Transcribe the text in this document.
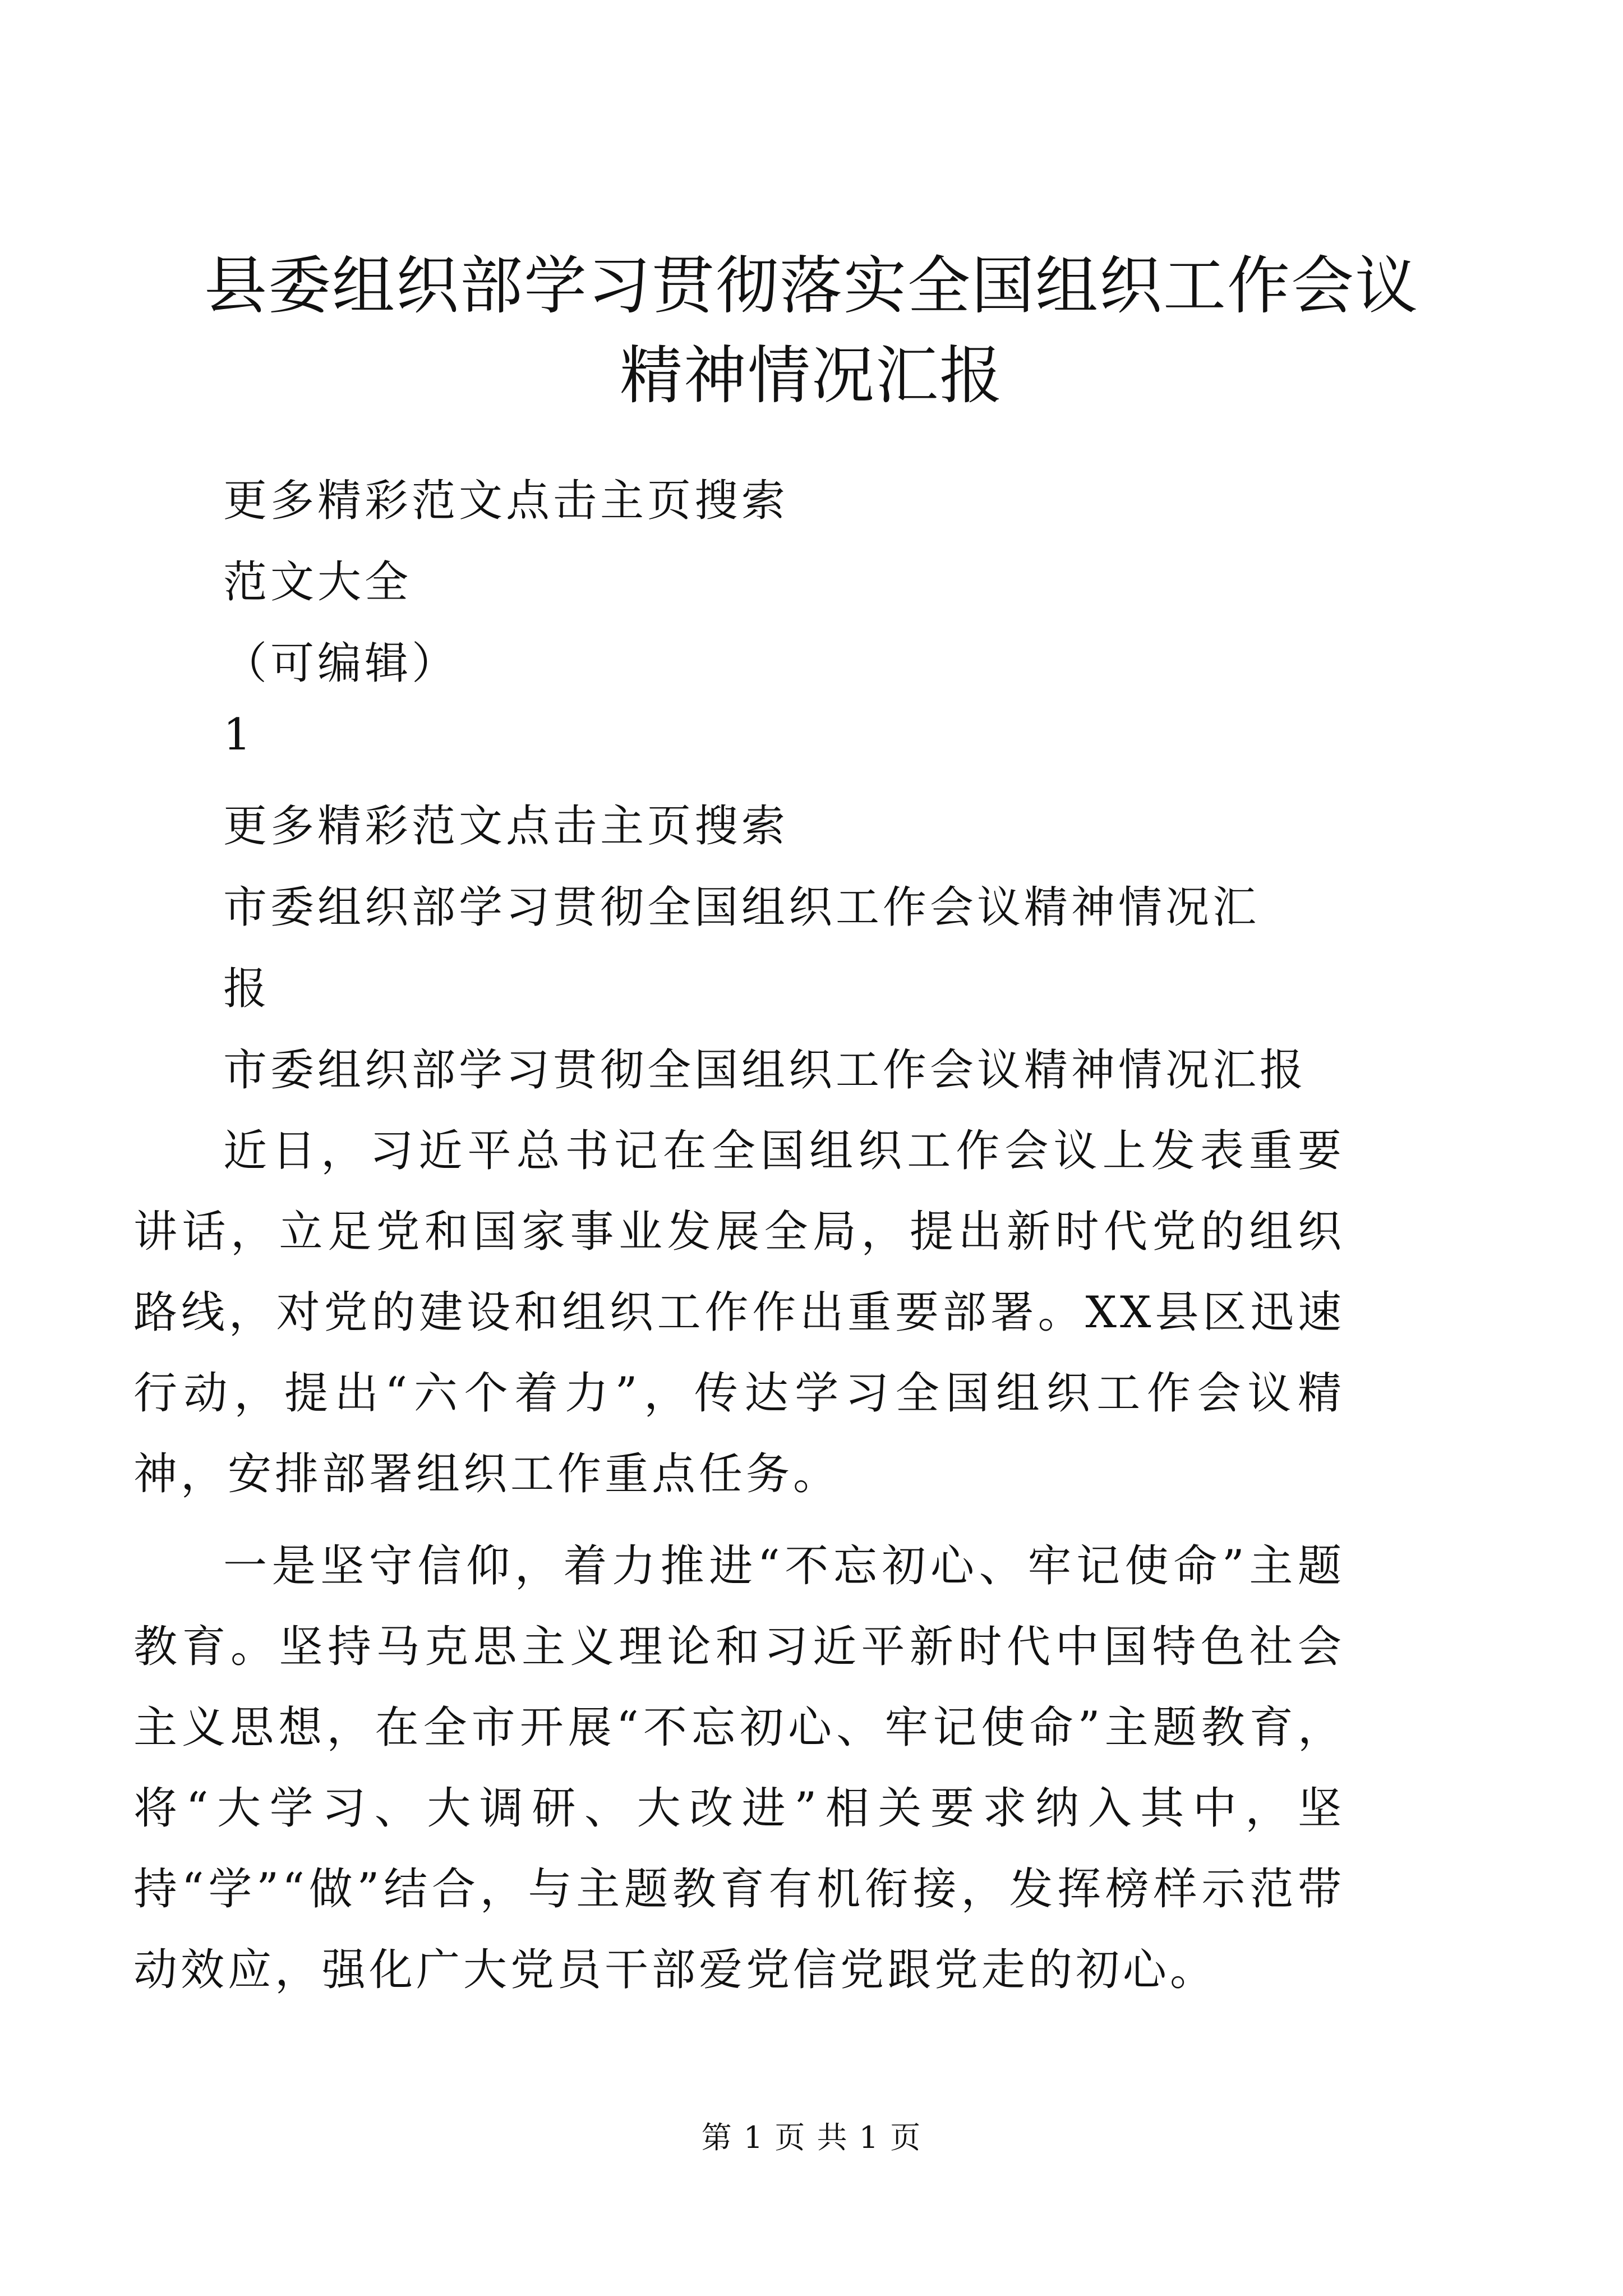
县委组织部学习贯彻落实全国组织工作会议精神情况汇报

更多精彩范文点击主页搜索

范文大全

（可编辑）

1

更多精彩范文点击主页搜索

市委组织部学习贯彻全国组织工作会议精神情况汇

报

市委组织部学习贯彻全国组织工作会议精神情况汇报

近日，习近平总书记在全国组织工作会议上发表重要讲话，立足党和国家事业发展全局，提出新时代党的组织路线，对党的建设和组织工作作出重要部署。XX县区迅速行动，提出“六个着力”，传达学习全国组织工作会议精神，安排部署组织工作重点任务。

一是坚守信仰，着力推进“不忘初心、牢记使命”主题教育。坚持马克思主义理论和习近平新时代中国特色社会主义思想，在全市开展“不忘初心、牢记使命”主题教育，将“大学习、大调研、大改进”相关要求纳入其中，坚持“学”“做”结合，与主题教育有机衔接，发挥榜样示范带动效应，强化广大党员干部爱党信党跟党走的初心。

第 1 页 共 1 页
